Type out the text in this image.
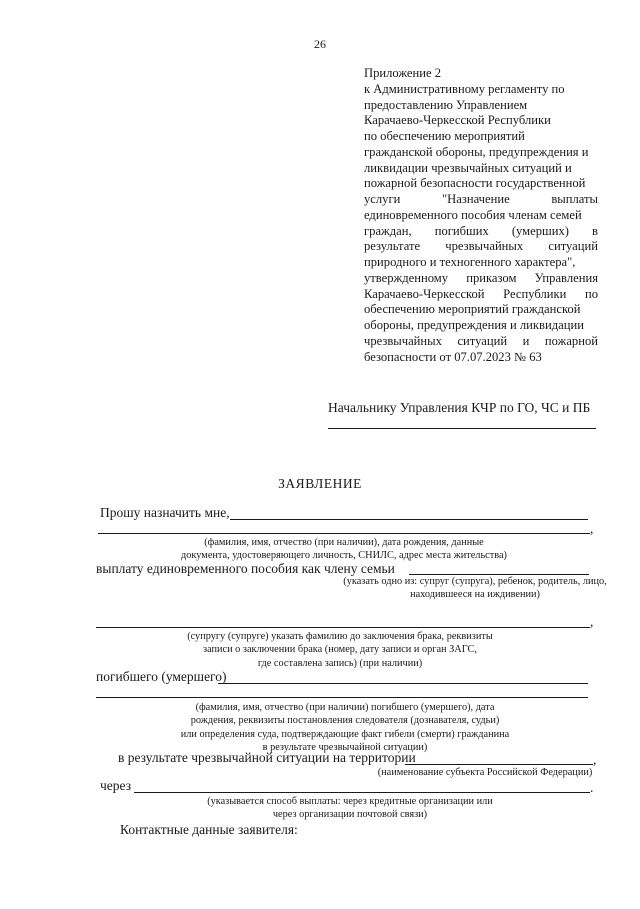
26
Приложение 2
к Административному регламенту по
предоставлению Управлением
Карачаево-Черкесской Республики
по обеспечению мероприятий
гражданской обороны, предупреждения и
ликвидации чрезвычайных ситуаций и
пожарной безопасности государственной
услуги "Назначение выплаты
единовременного пособия членам семей
граждан, погибших (умерших) в
результате чрезвычайных ситуаций
природного и техногенного характера",
утвержденному приказом Управления
Карачаево-Черкесской Республики по
обеспечению мероприятий гражданской
обороны, предупреждения и ликвидации
чрезвычайных ситуаций и пожарной
безопасности от 07.07.2023 № 63
Начальнику Управления КЧР по ГО, ЧС и ПБ
ЗАЯВЛЕНИЕ
Прошу назначить мне,
,
(фамилия, имя, отчество (при наличии), дата рождения, данные
документа, удостоверяющего личность, СНИЛС, адрес места жительства)
выплату единовременного пособия как члену семьи
(указать одно из: супруг (супруга), ребенок, родитель, лицо,
находившееся на иждивении)
,
(супругу (супруге) указать фамилию до заключения брака, реквизиты
записи о заключении брака (номер, дату записи и орган ЗАГС,
где составлена запись) (при наличии)
погибшего (умершего)
(фамилия, имя, отчество (при наличии) погибшего (умершего), дата
рождения, реквизиты постановления следователя (дознавателя, судьи)
или определения суда, подтверждающие факт гибели (смерти) гражданина
в результате чрезвычайной ситуации)
в результате чрезвычайной ситуации на территории	,
(наименование субъекта Российской Федерации)
через	.
(указывается способ выплаты: через кредитные организации или
через организации почтовой связи)
Контактные данные заявителя:
